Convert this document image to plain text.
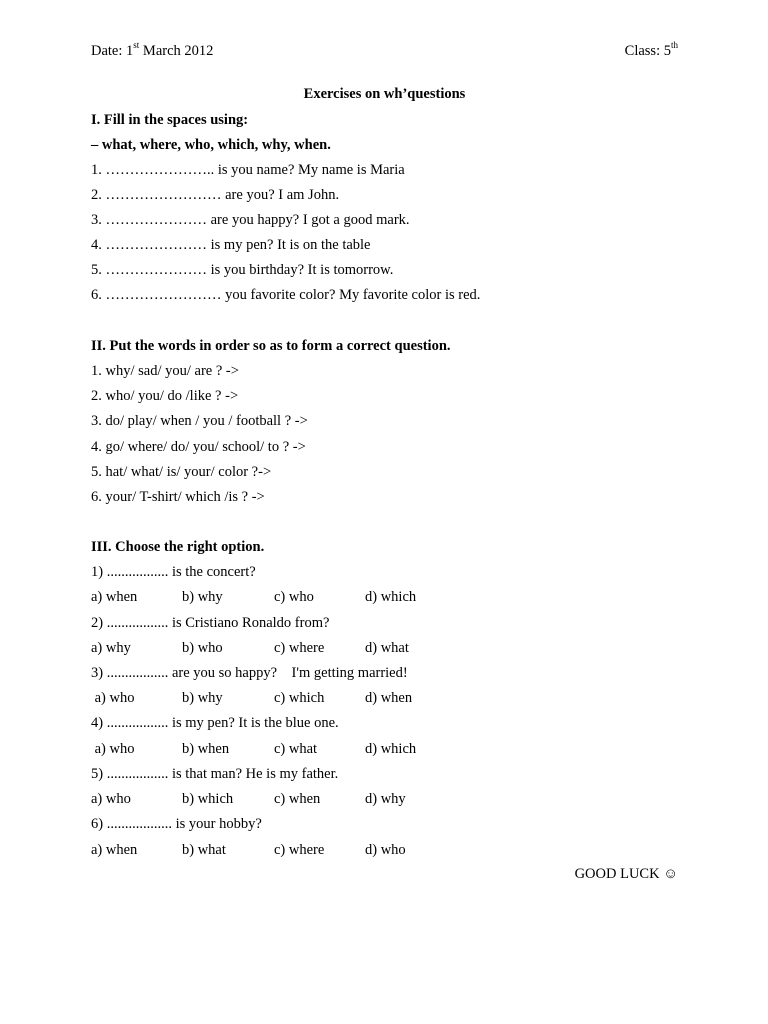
Date: 1st March 2012	Class: 5th
Exercises on wh’questions
I. Fill in the spaces using:
– what, where, who, which, why, when.
1. ………………….. is you name? My name is Maria
2. …………………… are you? I am John.
3. ………………… are you happy? I got a good mark.
4. ………………… is my pen? It is on the table
5. ………………… is you birthday? It is tomorrow.
6. …………………… you favorite color? My favorite color is red.
II. Put the words in order so as to form a correct question.
1. why/ sad/ you/ are ? ->
2. who/ you/ do /like ? ->
3. do/ play/ when / you / football ? ->
4. go/ where/ do/ you/ school/ to ? ->
5. hat/ what/ is/ your/ color ?->
6. your/ T-shirt/ which /is ? ->
III. Choose the right option.
1) ................. is the concert?
a) when	b) why	c) who	d) which
2) ................. is Cristiano Ronaldo from?
a) why	b) who	c) where	d) what
3) ................. are you so happy?    I'm getting married!
a) who	b) why	c) which	d) when
4) ................. is my pen? It is the blue one.
a) who	b) when	c) what	d) which
5) ................. is that man? He is my father.
a) who	b) which	c) when	d) why
6) .................. is your hobby?
a) when	b) what	c) where	d) who
GOOD LUCK ☺
